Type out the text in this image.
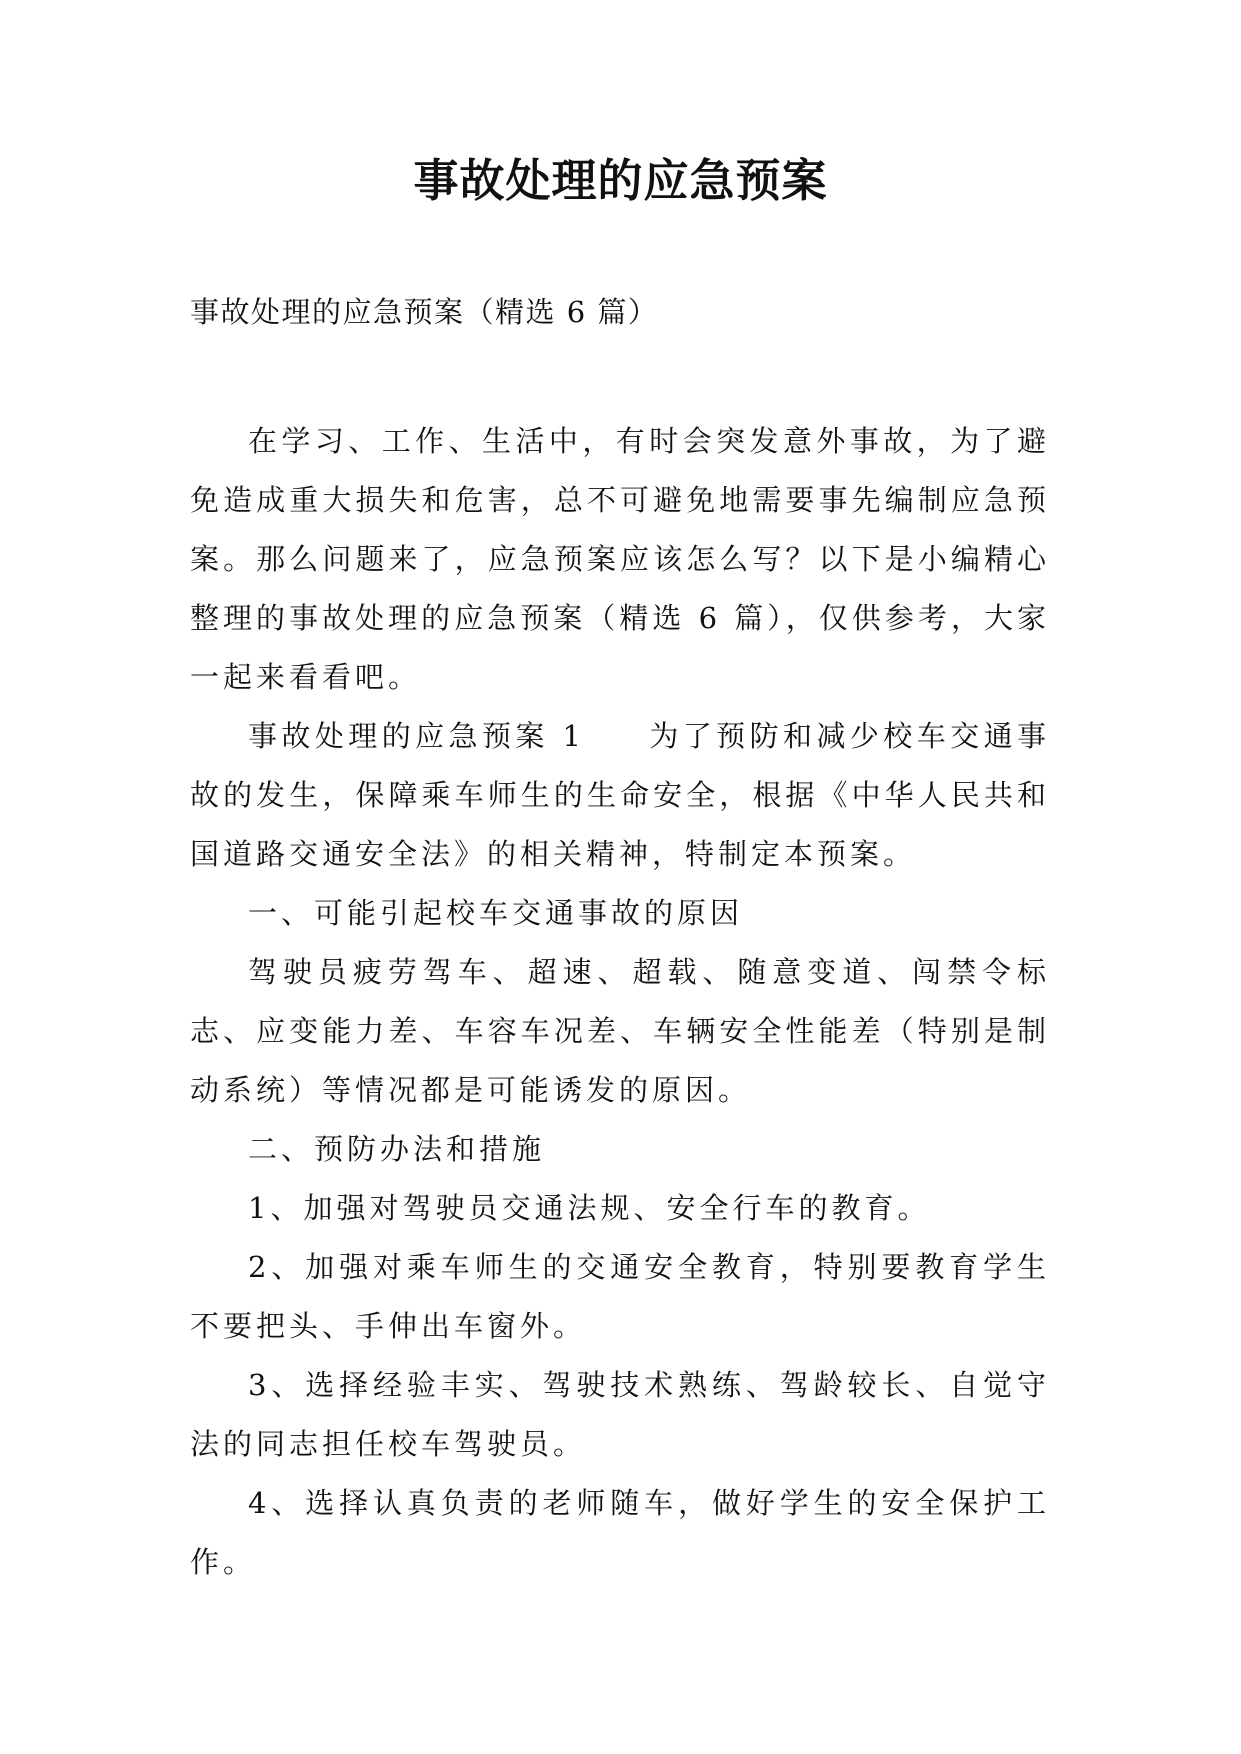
事故处理的应急预案
事故处理的应急预案（精选 6 篇）

在学习、工作、生活中，有时会突发意外事故，为了避免造成重大损失和危害，总不可避免地需要事先编制应急预案。那么问题来了，应急预案应该怎么写？以下是小编精心整理的事故处理的应急预案（精选 6 篇），仅供参考，大家一起来看看吧。

事故处理的应急预案 1 为了预防和减少校车交通事故的发生，保障乘车师生的生命安全，根据《中华人民共和国道路交通安全法》的相关精神，特制定本预案。

一、可能引起校车交通事故的原因

驾驶员疲劳驾车、超速、超载、随意变道、闯禁令标志、应变能力差、车容车况差、车辆安全性能差（特别是制动系统）等情况都是可能诱发的原因。

二、预防办法和措施

1、加强对驾驶员交通法规、安全行车的教育。

2、加强对乘车师生的交通安全教育，特别要教育学生不要把头、手伸出车窗外。

3、选择经验丰实、驾驶技术熟练、驾龄较长、自觉守法的同志担任校车驾驶员。

4、选择认真负责的老师随车，做好学生的安全保护工作。
